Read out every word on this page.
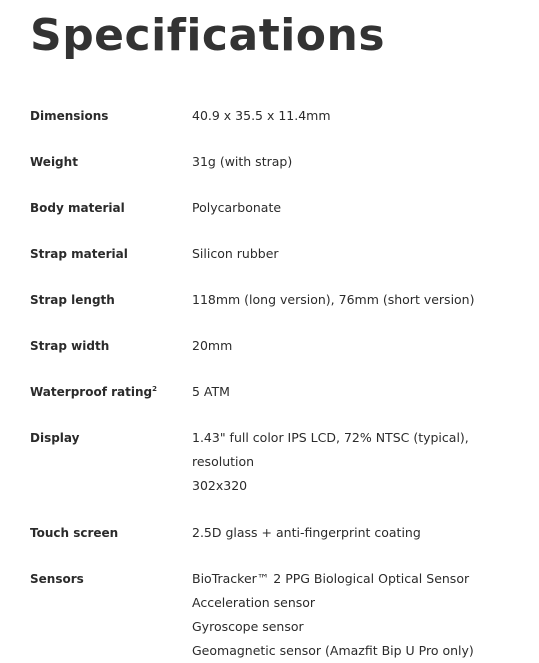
Specifications
Dimensions	40.9 x 35.5 x 11.4mm
Weight	31g (with strap)
Body material	Polycarbonate
Strap material	Silicon rubber
Strap length	118mm (long version), 76mm (short version)
Strap width	20mm
Waterproof rating$^2$	5 ATM
Display	1.43" full color IPS LCD, 72% NTSC (typical), resolution
302x320
Touch screen	2.5D glass + anti-fingerprint coating
Sensors	BioTracker™ 2 PPG Biological Optical Sensor
Acceleration sensor
Gyroscope sensor
Geomagnetic sensor (Amazfit Bip U Pro only)
